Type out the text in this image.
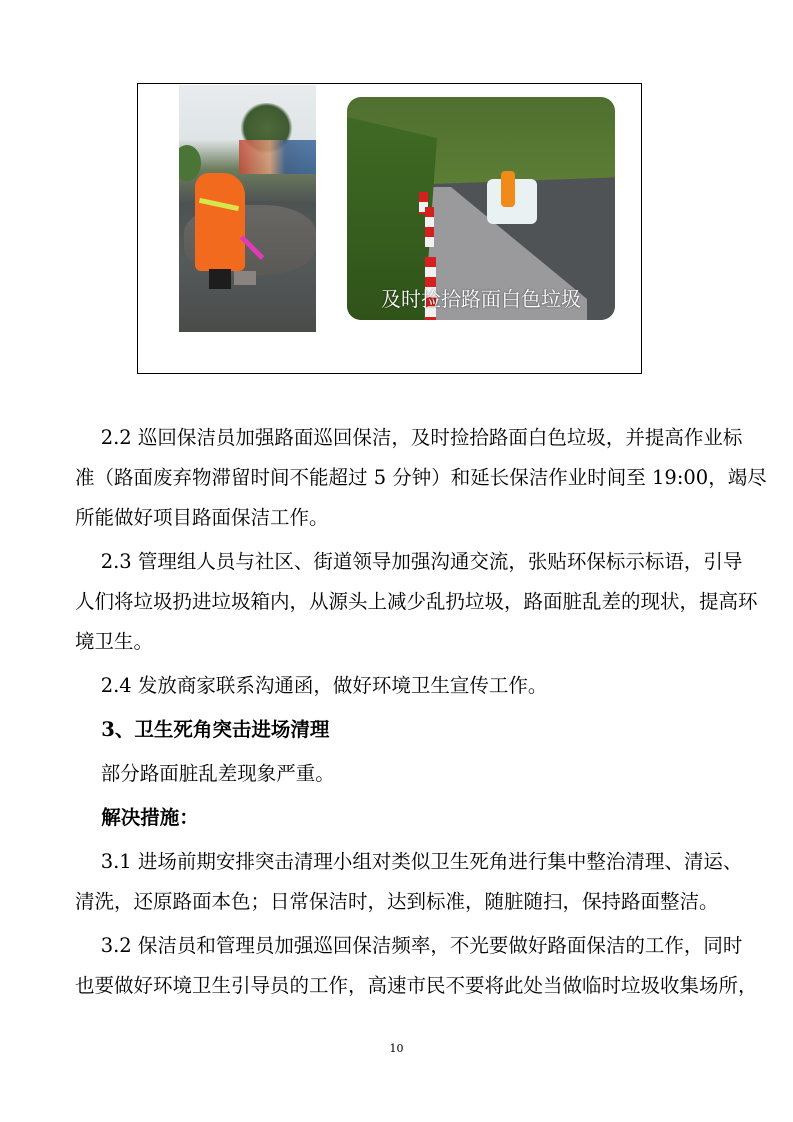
及时捡拾路面白色垃圾
　 2.2 巡回保洁员加强路面巡回保洁，及时捡拾路面白色垃圾，并提高作业标
准（路面废弃物滞留时间不能超过 5 分钟）和延长保洁作业时间至 19:00，竭尽
所能做好项目路面保洁工作。
　 2.3 管理组人员与社区、街道领导加强沟通交流，张贴环保标示标语，引导
人们将垃圾扔进垃圾箱内，从源头上减少乱扔垃圾，路面脏乱差的现状，提高环
境卫生。
　 2.4 发放商家联系沟通函，做好环境卫生宣传工作。
　 3、卫生死角突击进场清理
　 部分路面脏乱差现象严重。
　 解决措施：
　 3.1 进场前期安排突击清理小组对类似卫生死角进行集中整治清理、清运、
清洗，还原路面本色；日常保洁时，达到标准，随脏随扫，保持路面整洁。
　 3.2 保洁员和管理员加强巡回保洁频率，不光要做好路面保洁的工作，同时
也要做好环境卫生引导员的工作，高速市民不要将此处当做临时垃圾收集场所，
10
